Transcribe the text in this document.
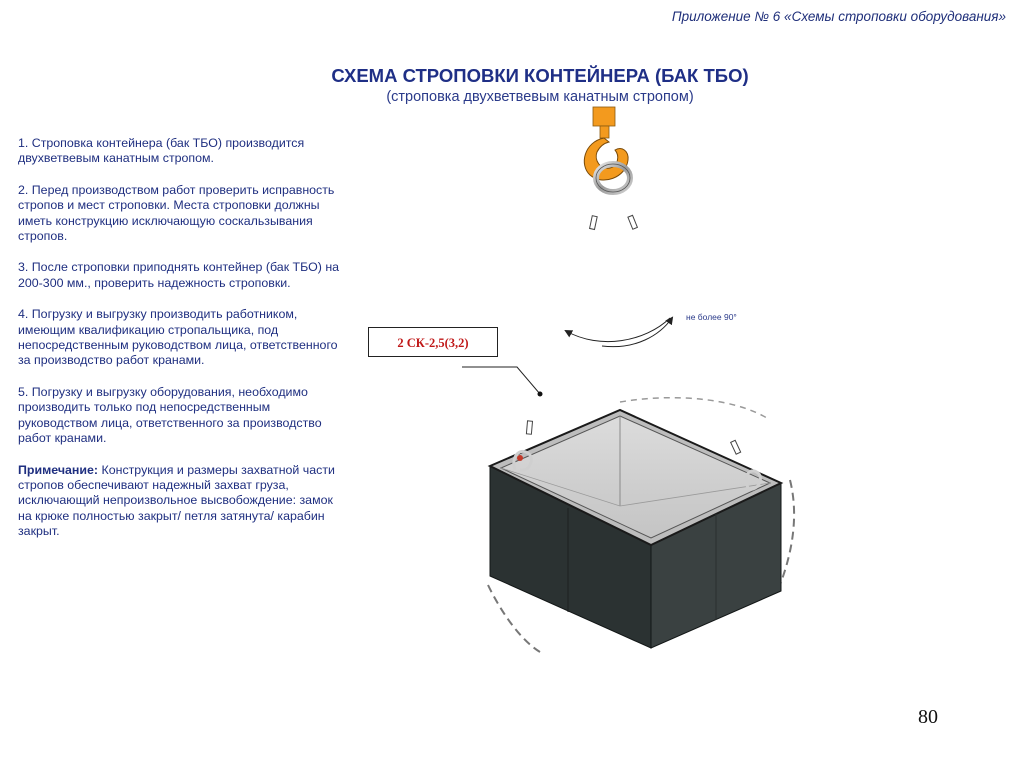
Приложение № 6 «Схемы строповки оборудования»
СХЕМА СТРОПОВКИ КОНТЕЙНЕРА (БАК ТБО)
(строповка двухветвевым канатным стропом)

1. Строповка контейнера (бак ТБО) производится двухветвевым канатным стропом.

2. Перед производством работ проверить исправность стропов и мест строповки. Места строповки должны иметь конструкцию исключающую соскальзывания стропов.

3. После строповки приподнять контейнер (бак ТБО) на 200-300 мм., проверить надежность строповки.

4. Погрузку и выгрузку производить работником, имеющим квалификацию стропальщика, под непосредственным руководством лица, ответственного за производство работ кранами.

5. Погрузку и выгрузку оборудования, необходимо производить только под непосредственным руководством лица, ответственного за производство работ кранами.

Примечание: Конструкция и размеры захватной части стропов обеспечивают надежный захват груза, исключающий непроизвольное высвобождение: замок на крюке полностью закрыт/ петля затянута/ карабин закрыт.

2 СК-2,5(3,2)
не более 90°
80
